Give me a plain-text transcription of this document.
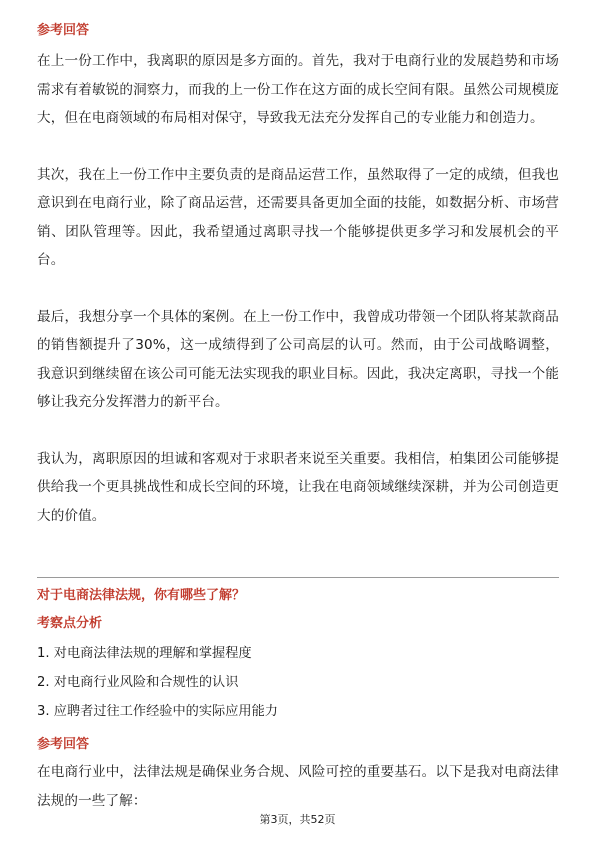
参考回答

在上一份工作中，我离职的原因是多方面的。首先，我对于电商行业的发展趋势和市场需求有着敏锐的洞察力，而我的上一份工作在这方面的成长空间有限。虽然公司规模庞大，但在电商领域的布局相对保守，导致我无法充分发挥自己的专业能力和创造力。

其次，我在上一份工作中主要负责的是商品运营工作，虽然取得了一定的成绩，但我也意识到在电商行业，除了商品运营，还需要具备更加全面的技能，如数据分析、市场营销、团队管理等。因此，我希望通过离职寻找一个能够提供更多学习和发展机会的平台。

最后，我想分享一个具体的案例。在上一份工作中，我曾成功带领一个团队将某款商品的销售额提升了30%，这一成绩得到了公司高层的认可。然而，由于公司战略调整，我意识到继续留在该公司可能无法实现我的职业目标。因此，我决定离职，寻找一个能够让我充分发挥潜力的新平台。

我认为，离职原因的坦诚和客观对于求职者来说至关重要。我相信，柏集团公司能够提供给我一个更具挑战性和成长空间的环境，让我在电商领域继续深耕，并为公司创造更大的价值。

对于电商法律法规，你有哪些了解？

考察点分析

1. 对电商法律法规的理解和掌握程度
2. 对电商行业风险和合规性的认识
3. 应聘者过往工作经验中的实际应用能力

参考回答

在电商行业中，法律法规是确保业务合规、风险可控的重要基石。以下是我对电商法律法规的一些了解：

第3页，共52页
